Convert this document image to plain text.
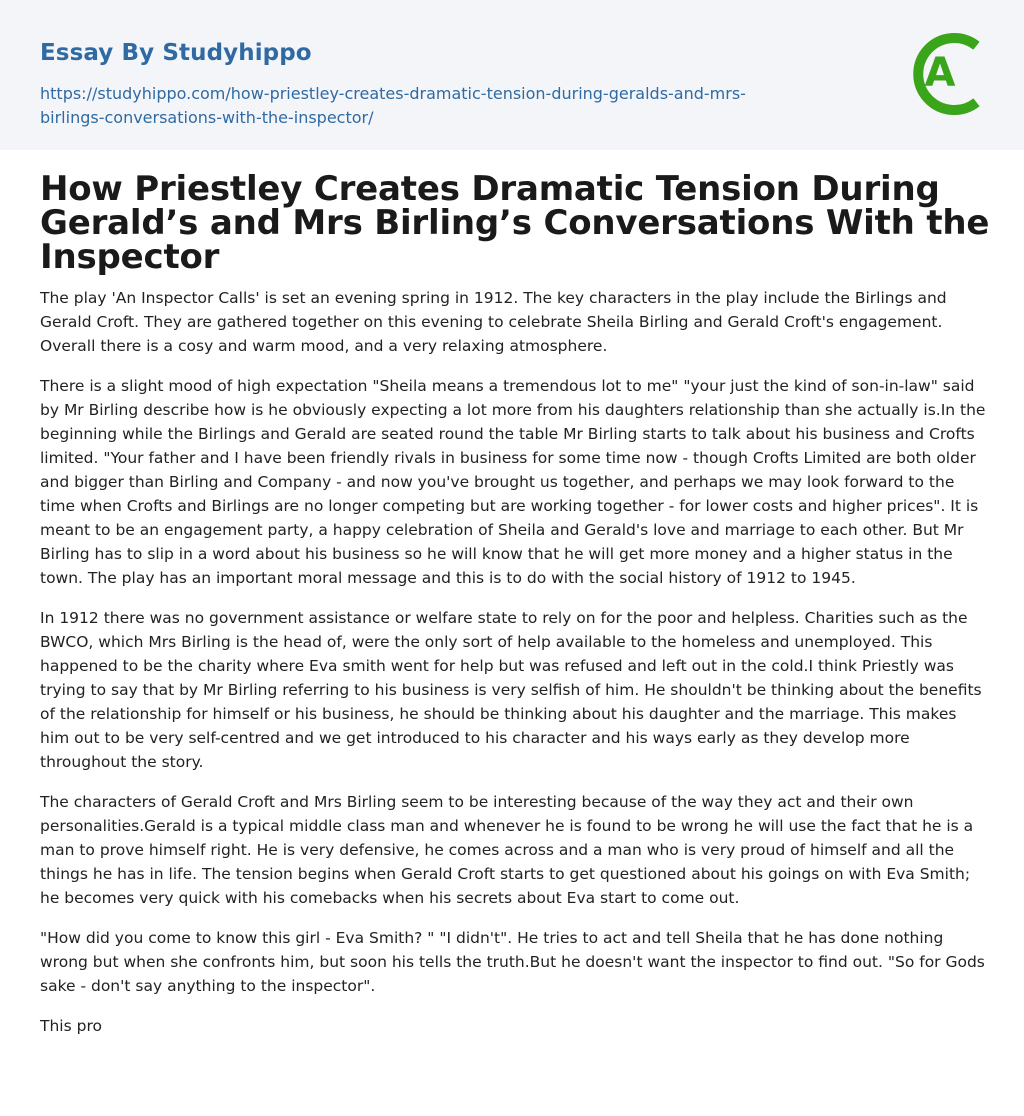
Essay By Studyhippo
https://studyhippo.com/how-priestley-creates-dramatic-tension-during-geralds-and-mrs-birlings-conversations-with-the-inspector/
A
How Priestley Creates Dramatic Tension During Gerald’s and Mrs Birling’s Conversations With the Inspector

The play 'An Inspector Calls' is set an evening spring in 1912. The key characters in the play include the Birlings and Gerald Croft. They are gathered together on this evening to celebrate Sheila Birling and Gerald Croft's engagement. Overall there is a cosy and warm mood, and a very relaxing atmosphere.

There is a slight mood of high expectation "Sheila means a tremendous lot to me" "your just the kind of son-in-law" said by Mr Birling describe how is he obviously expecting a lot more from his daughters relationship than she actually is.In the beginning while the Birlings and Gerald are seated round the table Mr Birling starts to talk about his business and Crofts limited. "Your father and I have been friendly rivals in business for some time now - though Crofts Limited are both older and bigger than Birling and Company - and now you've brought us together, and perhaps we may look forward to the time when Crofts and Birlings are no longer competing but are working together - for lower costs and higher prices". It is meant to be an engagement party, a happy celebration of Sheila and Gerald's love and marriage to each other. But Mr Birling has to slip in a word about his business so he will know that he will get more money and a higher status in the town. The play has an important moral message and this is to do with the social history of 1912 to 1945.

In 1912 there was no government assistance or welfare state to rely on for the poor and helpless. Charities such as the BWCO, which Mrs Birling is the head of, were the only sort of help available to the homeless and unemployed. This happened to be the charity where Eva smith went for help but was refused and left out in the cold.I think Priestly was trying to say that by Mr Birling referring to his business is very selfish of him. He shouldn't be thinking about the benefits of the relationship for himself or his business, he should be thinking about his daughter and the marriage. This makes him out to be very self-centred and we get introduced to his character and his ways early as they develop more throughout the story.

The characters of Gerald Croft and Mrs Birling seem to be interesting because of the way they act and their own personalities.Gerald is a typical middle class man and whenever he is found to be wrong he will use the fact that he is a man to prove himself right. He is very defensive, he comes across and a man who is very proud of himself and all the things he has in life. The tension begins when Gerald Croft starts to get questioned about his goings on with Eva Smith; he becomes very quick with his comebacks when his secrets about Eva start to come out.

"How did you come to know this girl - Eva Smith? " "I didn't". He tries to act and tell Sheila that he has done nothing wrong but when she confronts him, but soon his tells the truth.But he doesn't want the inspector to find out. "So for Gods sake - don't say anything to the inspector".

This pro
